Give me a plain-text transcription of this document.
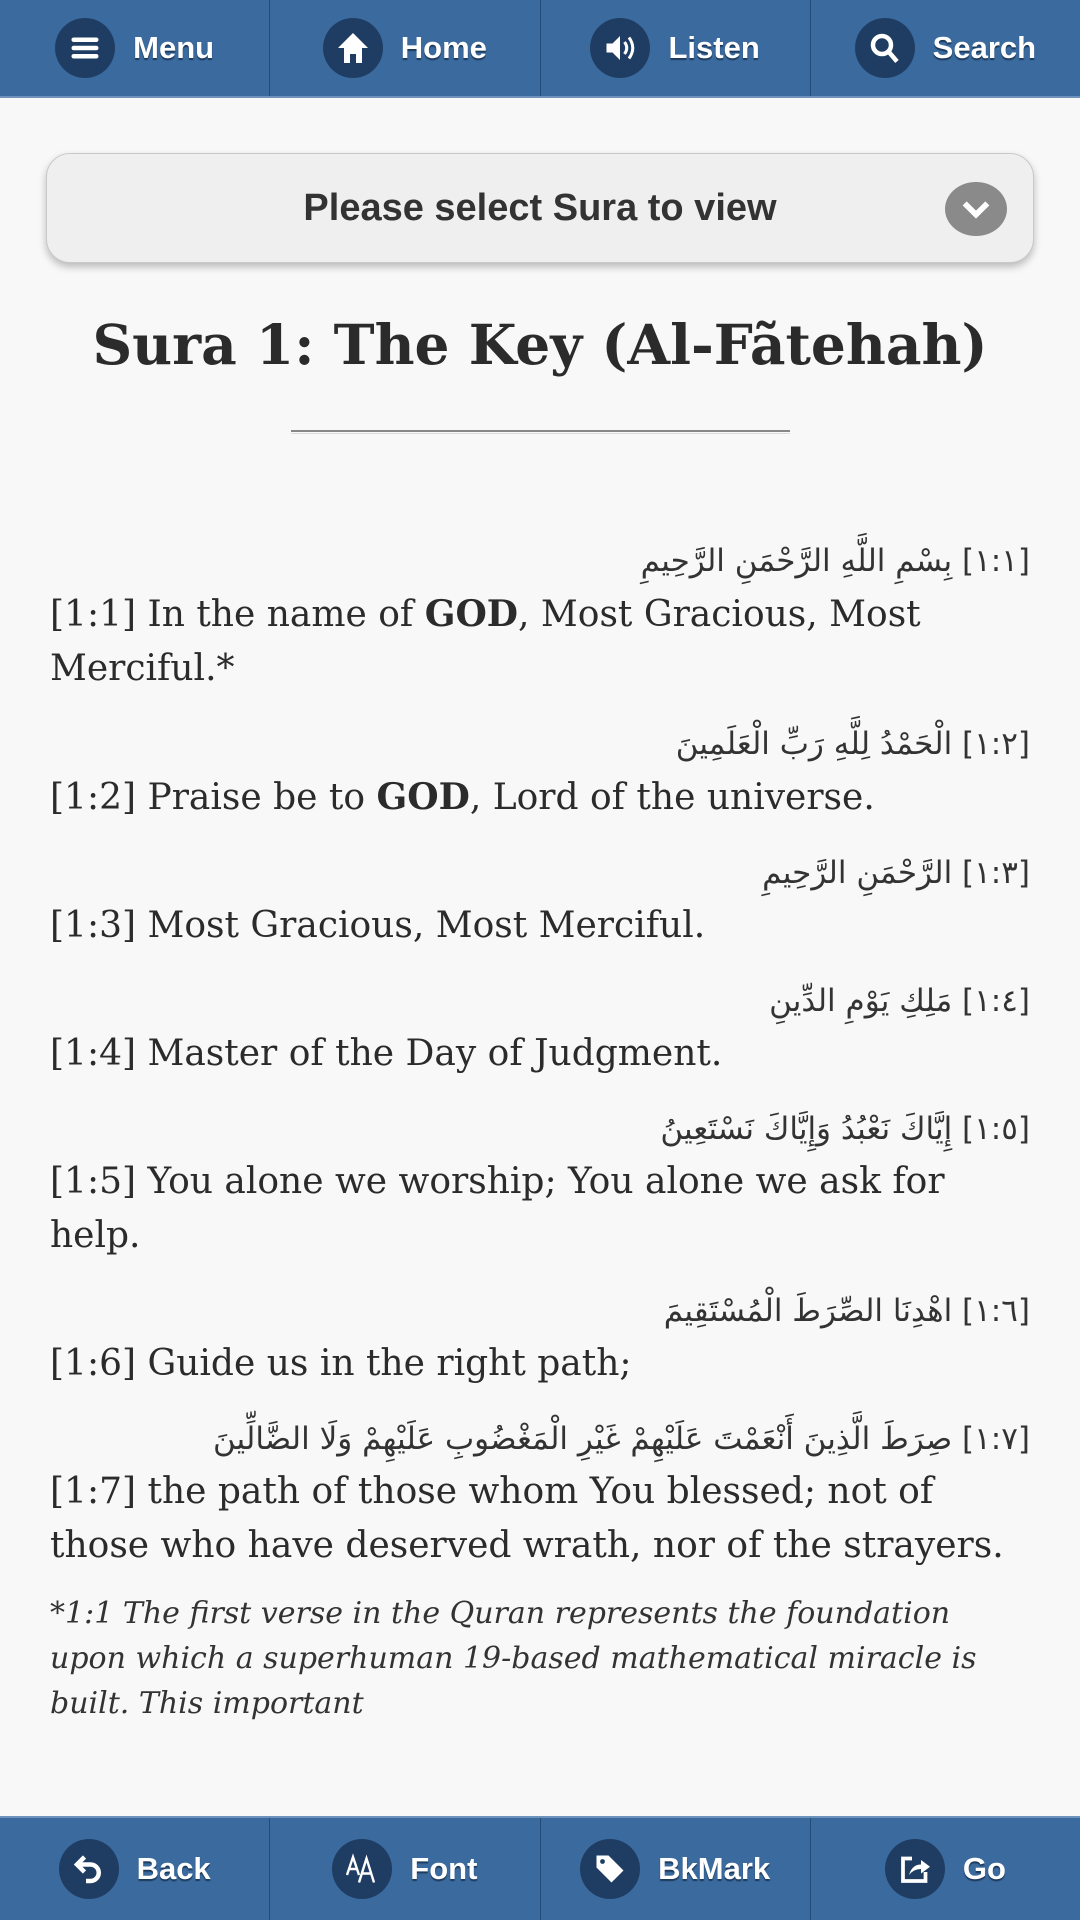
Menu	Home	Listen	Search
Please select Sura to view
Sura 1: The Key (Al-Fãtehah)
[١:١] بِسْمِ اللَّهِ الرَّحْمَنِ الرَّحِيمِ
[1:1] In the name of GOD, Most Gracious, Most Merciful.*
[١:٢] الْحَمْدُ لِلَّهِ رَبِّ الْعَلَمِينَ
[1:2] Praise be to GOD, Lord of the universe.
[١:٣] الرَّحْمَنِ الرَّحِيمِ
[1:3] Most Gracious, Most Merciful.
[١:٤] مَلِكِ يَوْمِ الدِّينِ
[1:4] Master of the Day of Judgment.
[١:٥] إِيَّاكَ نَعْبُدُ وَإِيَّاكَ نَسْتَعِينُ
[1:5] You alone we worship; You alone we ask for help.
[١:٦] اهْدِنَا الصِّرَطَ الْمُسْتَقِيمَ
[1:6] Guide us in the right path;
[١:٧] صِرَطَ الَّذِينَ أَنْعَمْتَ عَلَيْهِمْ غَيْرِ الْمَغْضُوبِ عَلَيْهِمْ وَلَا الضَّالِّينَ
[1:7] the path of those whom You blessed; not of those who have deserved wrath, nor of the strayers.
*1:1 The first verse in the Quran represents the foundation upon which a superhuman 19-based mathematical miracle is built. This important
Back	Font	BkMark	Go
